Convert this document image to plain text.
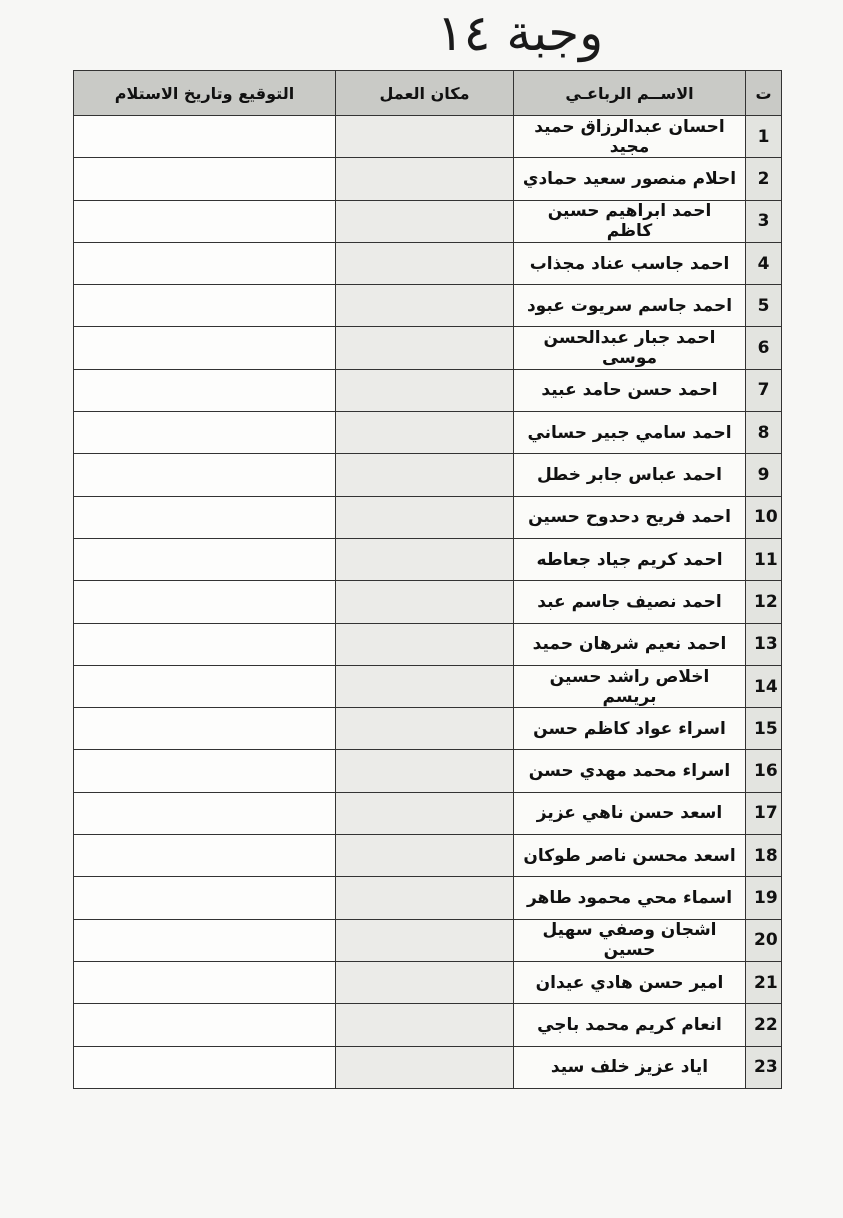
وجبة ١٤
ت	الاســم الرباعـي	مكان العمل	التوقيع وتاريخ الاستلام
1	احسان عبدالرزاق حميد مجيد		
2	احلام منصور سعيد حمادي		
3	احمد ابراهيم حسين كاظم		
4	احمد جاسب عناد مجذاب		
5	احمد جاسم سريوت عبود		
6	احمد جبار عبدالحسن موسى		
7	احمد حسن حامد عبيد		
8	احمد سامي جبير حساني		
9	احمد عباس جابر خطل		
10	احمد فريح دحدوح حسين		
11	احمد كريم جياد جعاطه		
12	احمد نصيف جاسم عبد		
13	احمد نعيم شرهان حميد		
14	اخلاص راشد حسين بريسم		
15	اسراء عواد كاظم حسن		
16	اسراء محمد مهدي حسن		
17	اسعد حسن ناهي عزيز		
18	اسعد محسن ناصر طوكان		
19	اسماء محي محمود طاهر		
20	اشجان وصفي سهيل حسين		
21	امير حسن هادي عيدان		
22	انعام كريم محمد باجي		
23	اياد عزيز خلف سيد		
